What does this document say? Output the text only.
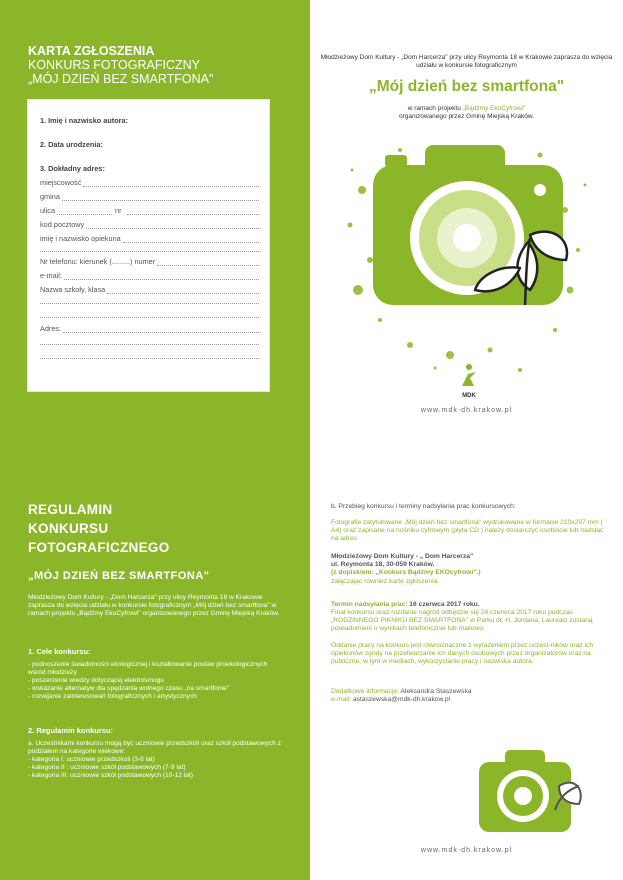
KARTA ZGŁOSZENIA
KONKURS FOTOGRAFICZNY
„MÓJ DZIEŃ BEZ SMARTFONA"
1. Imię i nazwisko autora:
2. Data urodzenia:
3. Dokładny adres:
miejscowość
gmina
ulica	nr
kod pocztowy
imię i nazwisko opiekuna
Nr telefonu: kierunek (.........) numer
e-mail:
Nazwa szkoły, klasa
Adres:
Młodzieżowy Dom Kultury - „Dom Harcerza" przy ulicy Reymonta 18 w Krakowie zaprasza do wzięcia udziału w konkursie fotograficznym
„Mój dzień bez smartfona"
w ramach projektu „Bądźmy EkoCyfrowi"
organizowanego przez Gminę Miejską Kraków.
MDK
www.mdk-dh.krakow.pl
REGULAMIN
KONKURSU
FOTOGRAFICZNEGO
„MÓJ DZIEŃ BEZ SMARTFONA"
Młodzieżowy Dom Kultury - „Dom Harcerza" przy ulicy Reymonta 18 w Krakowie zaprasza do wzięcia udziału w konkursie fotograficznym „Mój dzień bez smartfona" w ramach projektu „Bądźmy EkoCyfrowi" organizowanego przez Gminę Miejską Kraków.
1. Cele konkursu:
- podnoszenie świadomości ekologicznej i kształtowanie postaw proekologicznych wśród młodzieży
- poszerzenie wiedzy dotyczącej elektrosmogu
- wskazanie alternatyw dla spędzania wolnego czasu „na smartfonie"
- rozwijanie zainteresowań fotograficznych i artystycznych
2. Regulamin konkursu:
a. Uczestnikami konkursu mogą być uczniowie przedszkoli oraz szkół podstawowych z podziałem na kategorie wiekowe:
- kategoria I: uczniowie przedszkoli (3-6 lat)
- kategoria II : uczniowie szkół podstawowych (7-9 lat)
- kategoria III: uczniowie szkół podstawowych (10-12 lat)
b. Przebieg konkursu i terminy nadsyłania prac konkursowych:
Fotografie zatytułowane „Mój dzień bez smartfona" wydrukowane w formacie 210x297 mm ( A4) oraz zapisane na nośniku cyfrowym (płyta CD ) należy dostarczyć osobiście lub nadsłać na adres:
Młodzieżowy Dom Kultury - „ Dom Harcerza"
ul. Reymonta 18, 30-059 Kraków.
(z dopiskiem: „Konkurs Bądźmy EKOcyfrowi".)
załączając również kartę zgłoszenia.
Termin nadsyłania prac: 16 czerwca 2017 roku.
Finał konkursu oraz rozdanie nagród odbędzie się 24 czerwca 2017 roku podczas „RODZINNEGO PIKNIKU BEZ SMARTFONA" w Parku dr. H. Jordana. Laureaci zostaną powiadomieni o wynikach telefonicznie lub mailowo.
Oddanie pracy na konkurs jest równoznaczne z wyrażeniem przez uczest-ników oraz ich opiekunów zgody na przetwarzanie ich danych osobowych przez organizatorów oraz na publiczne, w tym w mediach, wykorzystanie pracy i nazwiska autora.
Dodatkowe informacje: Aleksandra Staszewska
e-mail: astaszewska@mdk-dh.krakow.pl
www.mdk-dh.krakow.pl
